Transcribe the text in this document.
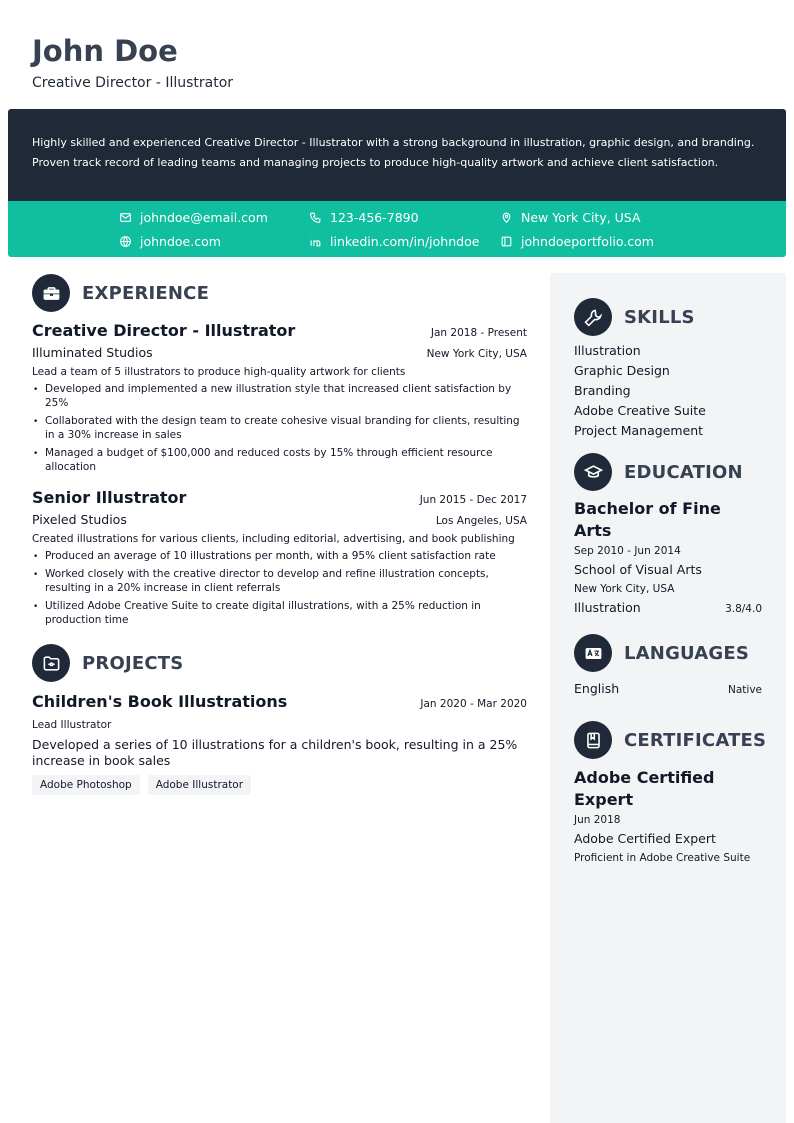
John Doe
Creative Director - Illustrator
Highly skilled and experienced Creative Director - Illustrator with a strong background in illustration, graphic design, and branding. Proven track record of leading teams and managing projects to produce high-quality artwork and achieve client satisfaction.
johndoe@email.com	123-456-7890	New York City, USA
johndoe.com	linkedin.com/in/johndoe	johndoeportfolio.com
EXPERIENCE
Creative Director - Illustrator	Jan 2018 - Present
Illuminated Studios	New York City, USA
Lead a team of 5 illustrators to produce high-quality artwork for clients
• Developed and implemented a new illustration style that increased client satisfaction by 25%
• Collaborated with the design team to create cohesive visual branding for clients, resulting in a 30% increase in sales
• Managed a budget of $100,000 and reduced costs by 15% through efficient resource allocation
Senior Illustrator	Jun 2015 - Dec 2017
Pixeled Studios	Los Angeles, USA
Created illustrations for various clients, including editorial, advertising, and book publishing
• Produced an average of 10 illustrations per month, with a 95% client satisfaction rate
• Worked closely with the creative director to develop and refine illustration concepts, resulting in a 20% increase in client referrals
• Utilized Adobe Creative Suite to create digital illustrations, with a 25% reduction in production time
PROJECTS
Children's Book Illustrations	Jan 2020 - Mar 2020
Lead Illustrator
Developed a series of 10 illustrations for a children's book, resulting in a 25% increase in book sales
Adobe Photoshop	Adobe Illustrator
SKILLS
Illustration
Graphic Design
Branding
Adobe Creative Suite
Project Management
EDUCATION
Bachelor of Fine Arts
Sep 2010 - Jun 2014
School of Visual Arts
New York City, USA
Illustration	3.8/4.0
LANGUAGES
English	Native
CERTIFICATES
Adobe Certified Expert
Jun 2018
Adobe Certified Expert
Proficient in Adobe Creative Suite
